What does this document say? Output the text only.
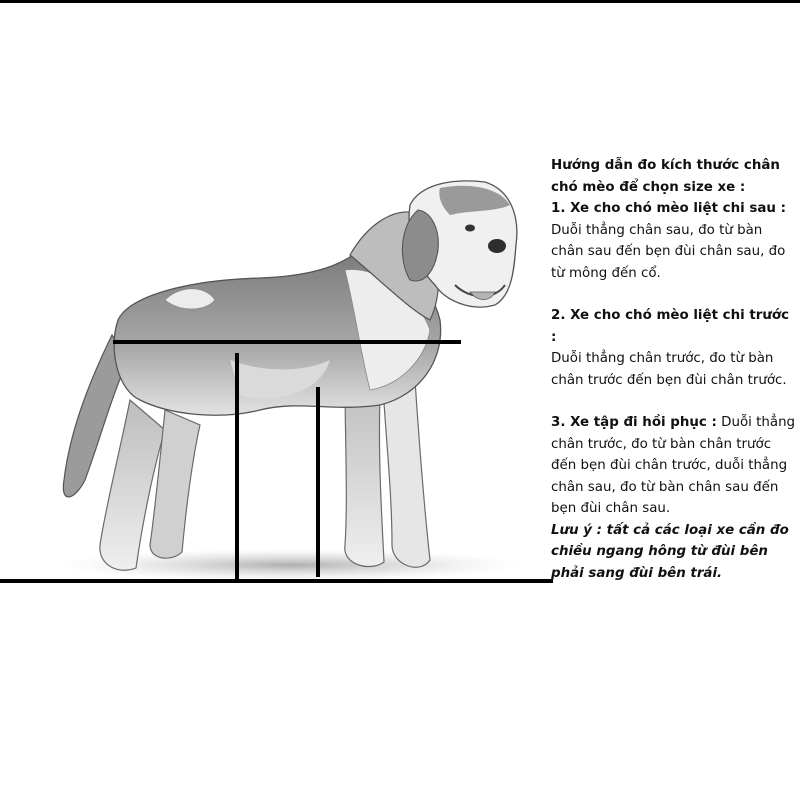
Hướng dẫn đo kích thước chân chó mèo để chọn size xe :

1. Xe cho chó mèo liệt chi sau :
Duỗi thẳng chân sau, đo từ bàn chân sau đến bẹn đùi chân sau, đo từ mông đến cổ.

2. Xe cho chó mèo liệt chi trước :
Duỗi thẳng chân trước, đo từ bàn chân trước đến bẹn đùi chân trước.

3. Xe tập đi hồi phục : Duỗi thẳng chân trước, đo từ bàn chân trước đến bẹn đùi chân trước, duỗi thẳng chân sau, đo từ bàn chân sau đến bẹn đùi chân sau.

Lưu ý : tất cả các loại xe cần đo chiều ngang hông từ đùi bên phải sang đùi bên trái.
